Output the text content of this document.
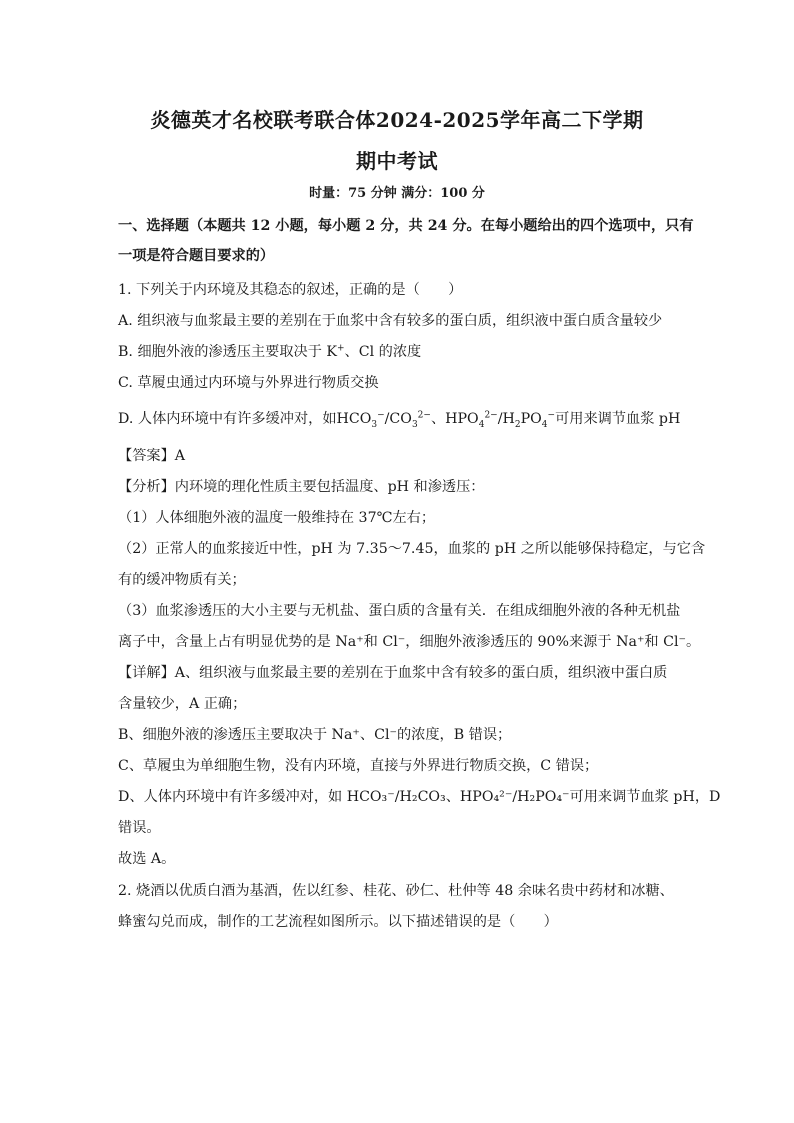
炎德英才名校联考联合体2024-2025学年高二下学期
期中考试
时量：75 分钟 满分：100 分
一、选择题（本题共 12 小题，每小题 2 分，共 24 分。在每小题给出的四个选项中，只有
一项是符合题目要求的）
1. 下列关于内环境及其稳态的叙述，正确的是（　　）
A. 组织液与血浆最主要的差别在于血浆中含有较多的蛋白质，组织液中蛋白质含量较少
B. 细胞外液的渗透压主要取决于 K+、Cl 的浓度
C. 草履虫通过内环境与外界进行物质交换
D. 人体内环境中有许多缓冲对，如$HCO_3^-/CO_3^{2-}$、$HPO_4^{2-}/H_2PO_4^-$可用来调节血浆 pH
【答案】A
【分析】内环境的理化性质主要包括温度、pH 和渗透压：
（1）人体细胞外液的温度一般维持在 37℃左右；
（2）正常人的血浆接近中性，pH 为 7.35～7.45，血浆的 pH 之所以能够保持稳定，与它含
有的缓冲物质有关；
（3）血浆渗透压的大小主要与无机盐、蛋白质的含量有关．在组成细胞外液的各种无机盐
离子中，含量上占有明显优势的是 Na⁺和 Cl⁻，细胞外液渗透压的 90%来源于 Na⁺和 Cl⁻。
【详解】A、组织液与血浆最主要的差别在于血浆中含有较多的蛋白质，组织液中蛋白质
含量较少，A 正确；
B、细胞外液的渗透压主要取决于 Na⁺、Cl⁻的浓度，B 错误；
C、草履虫为单细胞生物，没有内环境，直接与外界进行物质交换，C 错误；
D、人体内环境中有许多缓冲对，如 HCO₃⁻/H₂CO₃、HPO₄²⁻/H₂PO₄⁻可用来调节血浆 pH，D
错误。
故选 A。
2. 烧酒以优质白酒为基酒，佐以红参、桂花、砂仁、杜仲等 48 余味名贵中药材和冰糖、
蜂蜜勾兑而成，制作的工艺流程如图所示。以下描述错误的是（　　）
